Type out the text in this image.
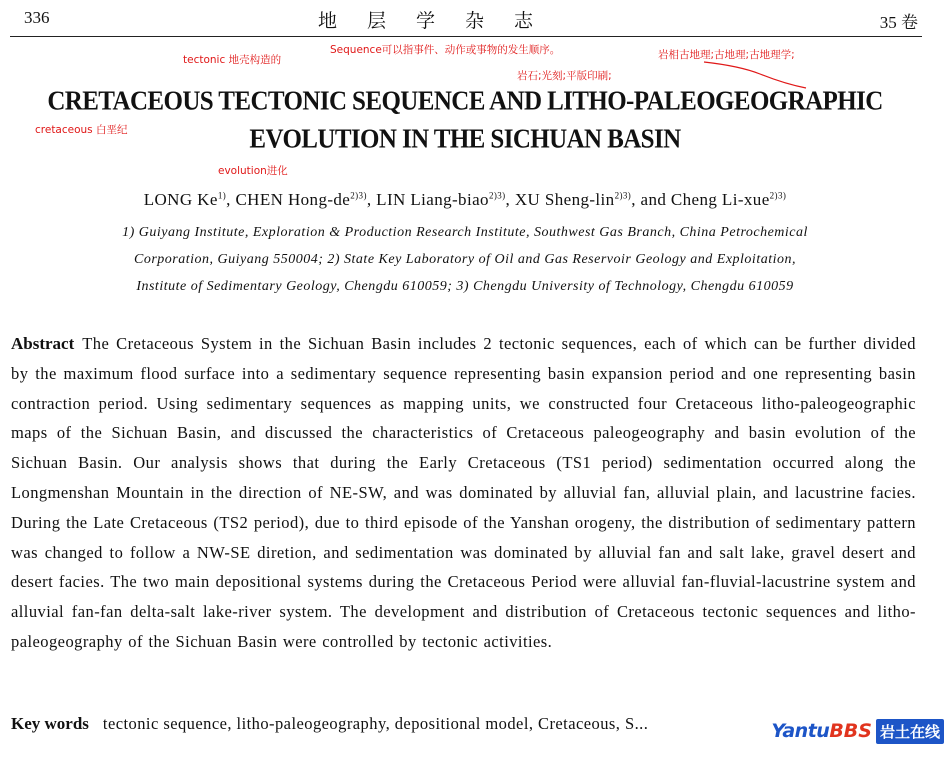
336	地层学杂志	35 卷
tectonic 地壳构造的
Sequence可以指事件、动作或事物的发生顺序。	岩相古地理;古地理;古地理学;
岩石;光刻;平版印刷;
cretaceous 白垩纪
evolution进化
CRETACEOUS TECTONIC SEQUENCE AND LITHO-PALEOGEOGRAPHIC
EVOLUTION IN THE SICHUAN BASIN
LONG Ke$^{1)}$, CHEN Hong-$de^{2)3)}$, LIN Liang-biao$^{2)3)}$, XU Sheng-lin$^{2)3)}$, and Cheng Li-xue$^{2)3)}$
1) Guiyang Institute, Exploration & Production Research Institute, Southwest Gas Branch, China Petrochemical
Corporation, Guiyang 550004; 2) State Key Laboratory of Oil and Gas Reservoir Geology and Exploitation,
Institute of Sedimentary Geology, Chengdu 610059; 3) Chengdu University of Technology, Chengdu 610059
Abstract The Cretaceous System in the Sichuan Basin includes 2 tectonic sequences, each of which can be further divided by the maximum flood surface into a sedimentary sequence representing basin expansion period and one representing basin contraction period. Using sedimentary sequences as mapping units, we constructed four Cretaceous litho-paleogeographic maps of the Sichuan Basin, and discussed the characteristics of Cretaceous paleogeography and basin evolution of the Sichuan Basin. Our analysis shows that during the Early Cretaceous (TS1 period) sedimentation occurred along the Longmenshan Mountain in the direction of NE-SW, and was dominated by alluvial fan, alluvial plain, and lacustrine facies. During the Late Cretaceous (TS2 period), due to third episode of the Yanshan orogeny, the distribution of sedimentary pattern was changed to follow a NW-SE diretion, and sedimentation was dominated by alluvial fan and salt lake, gravel desert and desert facies. The two main depositional systems during the Cretaceous Period were alluvial fan-fluvial-lacustrine system and alluvial fan-fan delta-salt lake-river system. The development and distribution of Cretaceous tectonic sequences and litho-paleogeography of the Sichuan Basin were controlled by tectonic activities.
Key words tectonic sequence, litho-paleogeography, depositional model, Cretaceous, S...	Yantu BBS 岩土在线
